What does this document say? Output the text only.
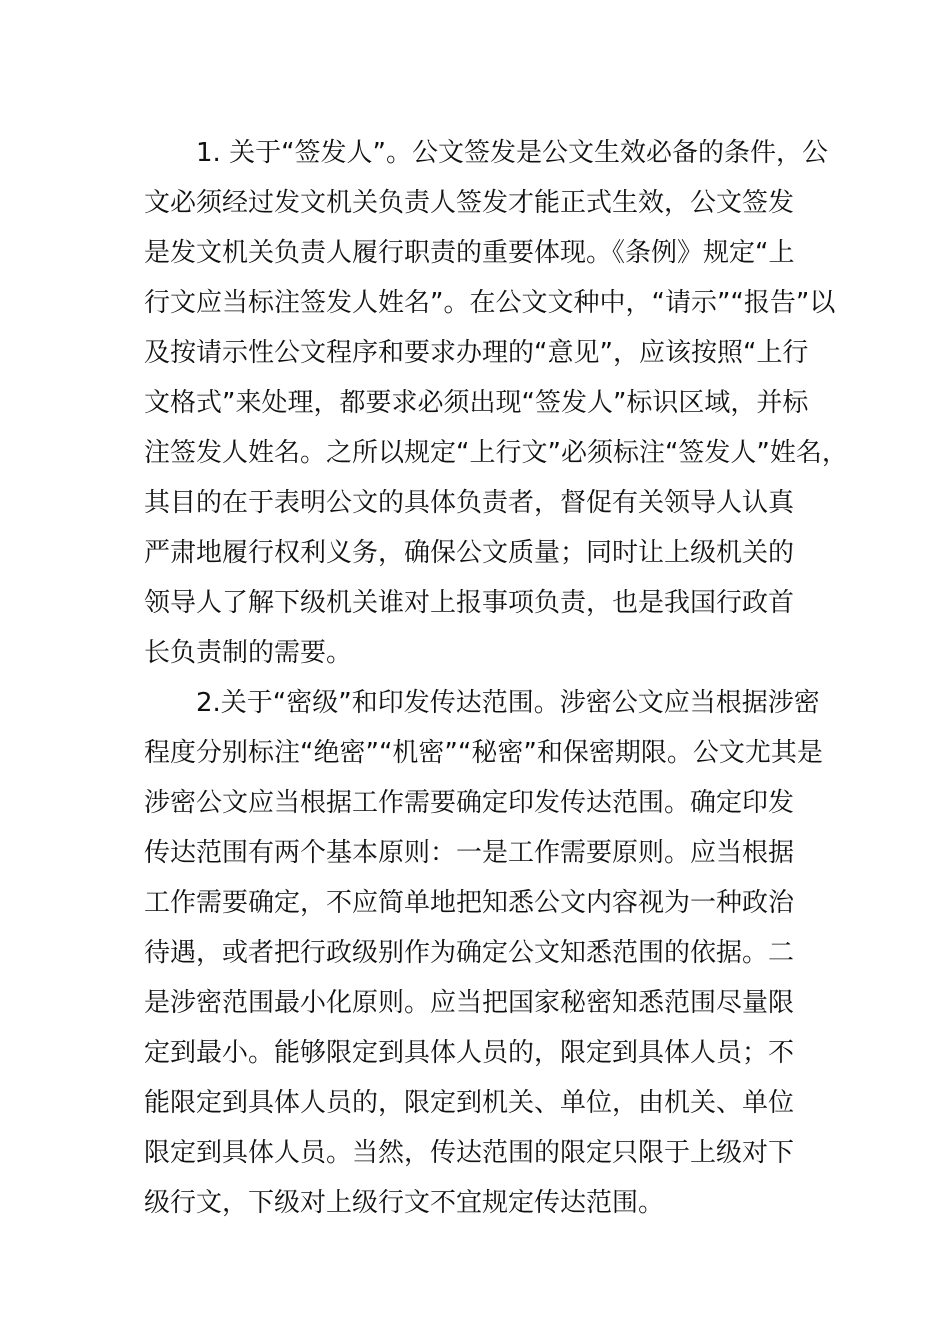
1. 关于“签发人”。公文签发是公文生效必备的条件，公
文必须经过发文机关负责人签发才能正式生效，公文签发
是发文机关负责人履行职责的重要体现。《条例》规定“上
行文应当标注签发人姓名”。在公文文种中，“请示”“报告”以
及按请示性公文程序和要求办理的“意见”，应该按照“上行
文格式”来处理，都要求必须出现“签发人”标识区域，并标
注签发人姓名。之所以规定“上行文”必须标注“签发人”姓名，
其目的在于表明公文的具体负责者，督促有关领导人认真
严肃地履行权利义务，确保公文质量；同时让上级机关的
领导人了解下级机关谁对上报事项负责，也是我国行政首
长负责制的需要。
2.关于“密级”和印发传达范围。涉密公文应当根据涉密
程度分别标注“绝密”“机密”“秘密”和保密期限。公文尤其是
涉密公文应当根据工作需要确定印发传达范围。确定印发
传达范围有两个基本原则：一是工作需要原则。应当根据
工作需要确定，不应简单地把知悉公文内容视为一种政治
待遇，或者把行政级别作为确定公文知悉范围的依据。二
是涉密范围最小化原则。应当把国家秘密知悉范围尽量限
定到最小。能够限定到具体人员的，限定到具体人员；不
能限定到具体人员的，限定到机关、单位，由机关、单位
限定到具体人员。当然，传达范围的限定只限于上级对下
级行文，下级对上级行文不宜规定传达范围。
